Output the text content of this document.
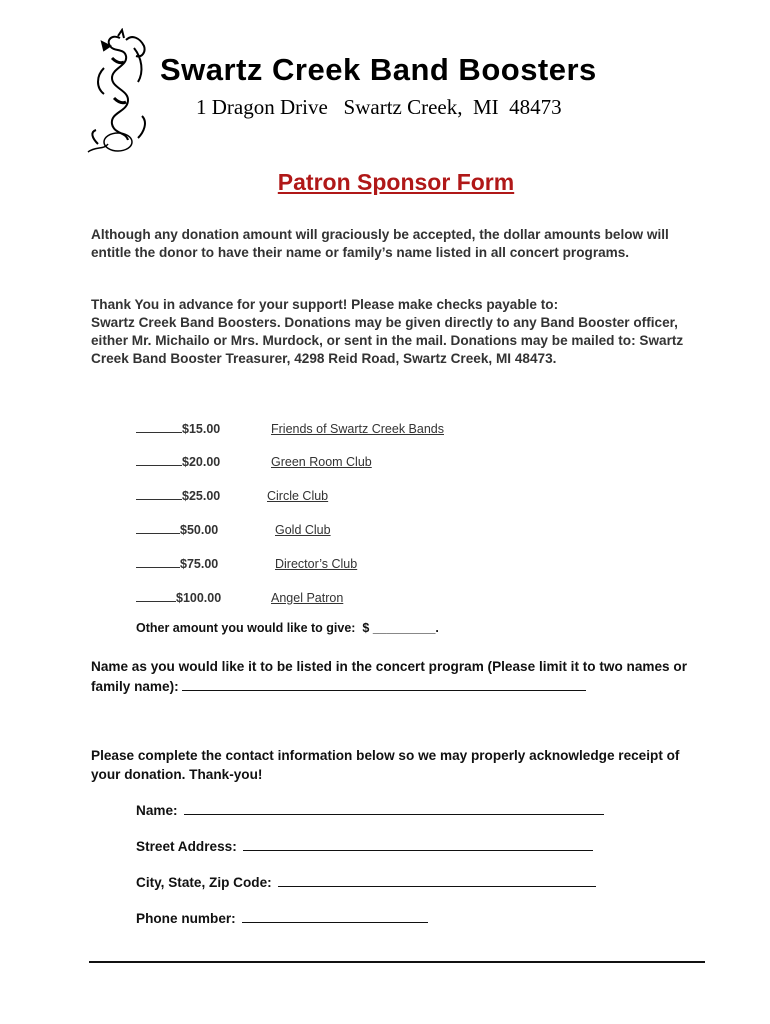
Swartz Creek Band Boosters
1 Dragon Drive   Swartz Creek,  MI  48473
Patron Sponsor Form
Although any donation amount will graciously be accepted, the dollar amounts below will entitle the donor to have their name or family’s name listed in all concert programs.
Thank You in advance for your support! Please make checks payable to:
Swartz Creek Band Boosters. Donations may be given directly to any Band Booster officer, either Mr. Michailo or Mrs. Murdock, or sent in the mail. Donations may be mailed to: Swartz Creek Band Booster Treasurer, 4298 Reid Road, Swartz Creek, MI 48473.
$15.00	Friends of Swartz Creek Bands
$20.00	Green Room Club
$25.00	Circle Club
$50.00	Gold Club
$75.00	Director’s Club
$100.00	Angel Patron
Other amount you would like to give:  $ _________.
Name as you would like it to be listed in the concert program (Please limit it to two names or family name):
Please complete the contact information below so we may properly acknowledge receipt of your donation. Thank-you!
Name:
Street Address:
City, State, Zip Code:
Phone number:
